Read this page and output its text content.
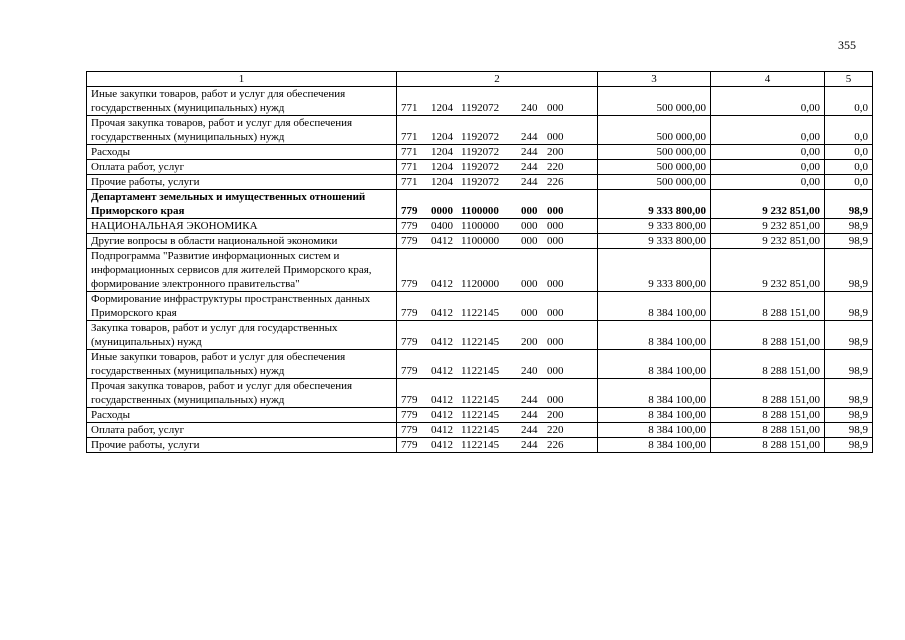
355
1	2	3	4	5
Иные закупки товаров, работ и услуг для обеспечения государственных (муниципальных) нужд	771 1204 1192072 240 000	500 000,00	0,00	0,0
Прочая закупка товаров, работ и услуг для обеспечения государственных (муниципальных) нужд	771 1204 1192072 244 000	500 000,00	0,00	0,0
Расходы	771 1204 1192072 244 200	500 000,00	0,00	0,0
Оплата работ, услуг	771 1204 1192072 244 220	500 000,00	0,00	0,0
Прочие работы, услуги	771 1204 1192072 244 226	500 000,00	0,00	0,0
Департамент земельных и имущественных отношений Приморского края	779 0000 1100000 000 000	9 333 800,00	9 232 851,00	98,9
НАЦИОНАЛЬНАЯ ЭКОНОМИКА	779 0400 1100000 000 000	9 333 800,00	9 232 851,00	98,9
Другие вопросы в области национальной экономики	779 0412 1100000 000 000	9 333 800,00	9 232 851,00	98,9
Подпрограмма "Развитие информационных систем и информационных сервисов для жителей Приморского края, формирование электронного правительства"	779 0412 1120000 000 000	9 333 800,00	9 232 851,00	98,9
Формирование инфраструктуры пространственных данных Приморского края	779 0412 1122145 000 000	8 384 100,00	8 288 151,00	98,9
Закупка товаров, работ и услуг для государственных (муниципальных) нужд	779 0412 1122145 200 000	8 384 100,00	8 288 151,00	98,9
Иные закупки товаров, работ и услуг для обеспечения государственных (муниципальных) нужд	779 0412 1122145 240 000	8 384 100,00	8 288 151,00	98,9
Прочая закупка товаров, работ и услуг для обеспечения государственных (муниципальных) нужд	779 0412 1122145 244 000	8 384 100,00	8 288 151,00	98,9
Расходы	779 0412 1122145 244 200	8 384 100,00	8 288 151,00	98,9
Оплата работ, услуг	779 0412 1122145 244 220	8 384 100,00	8 288 151,00	98,9
Прочие работы, услуги	779 0412 1122145 244 226	8 384 100,00	8 288 151,00	98,9
